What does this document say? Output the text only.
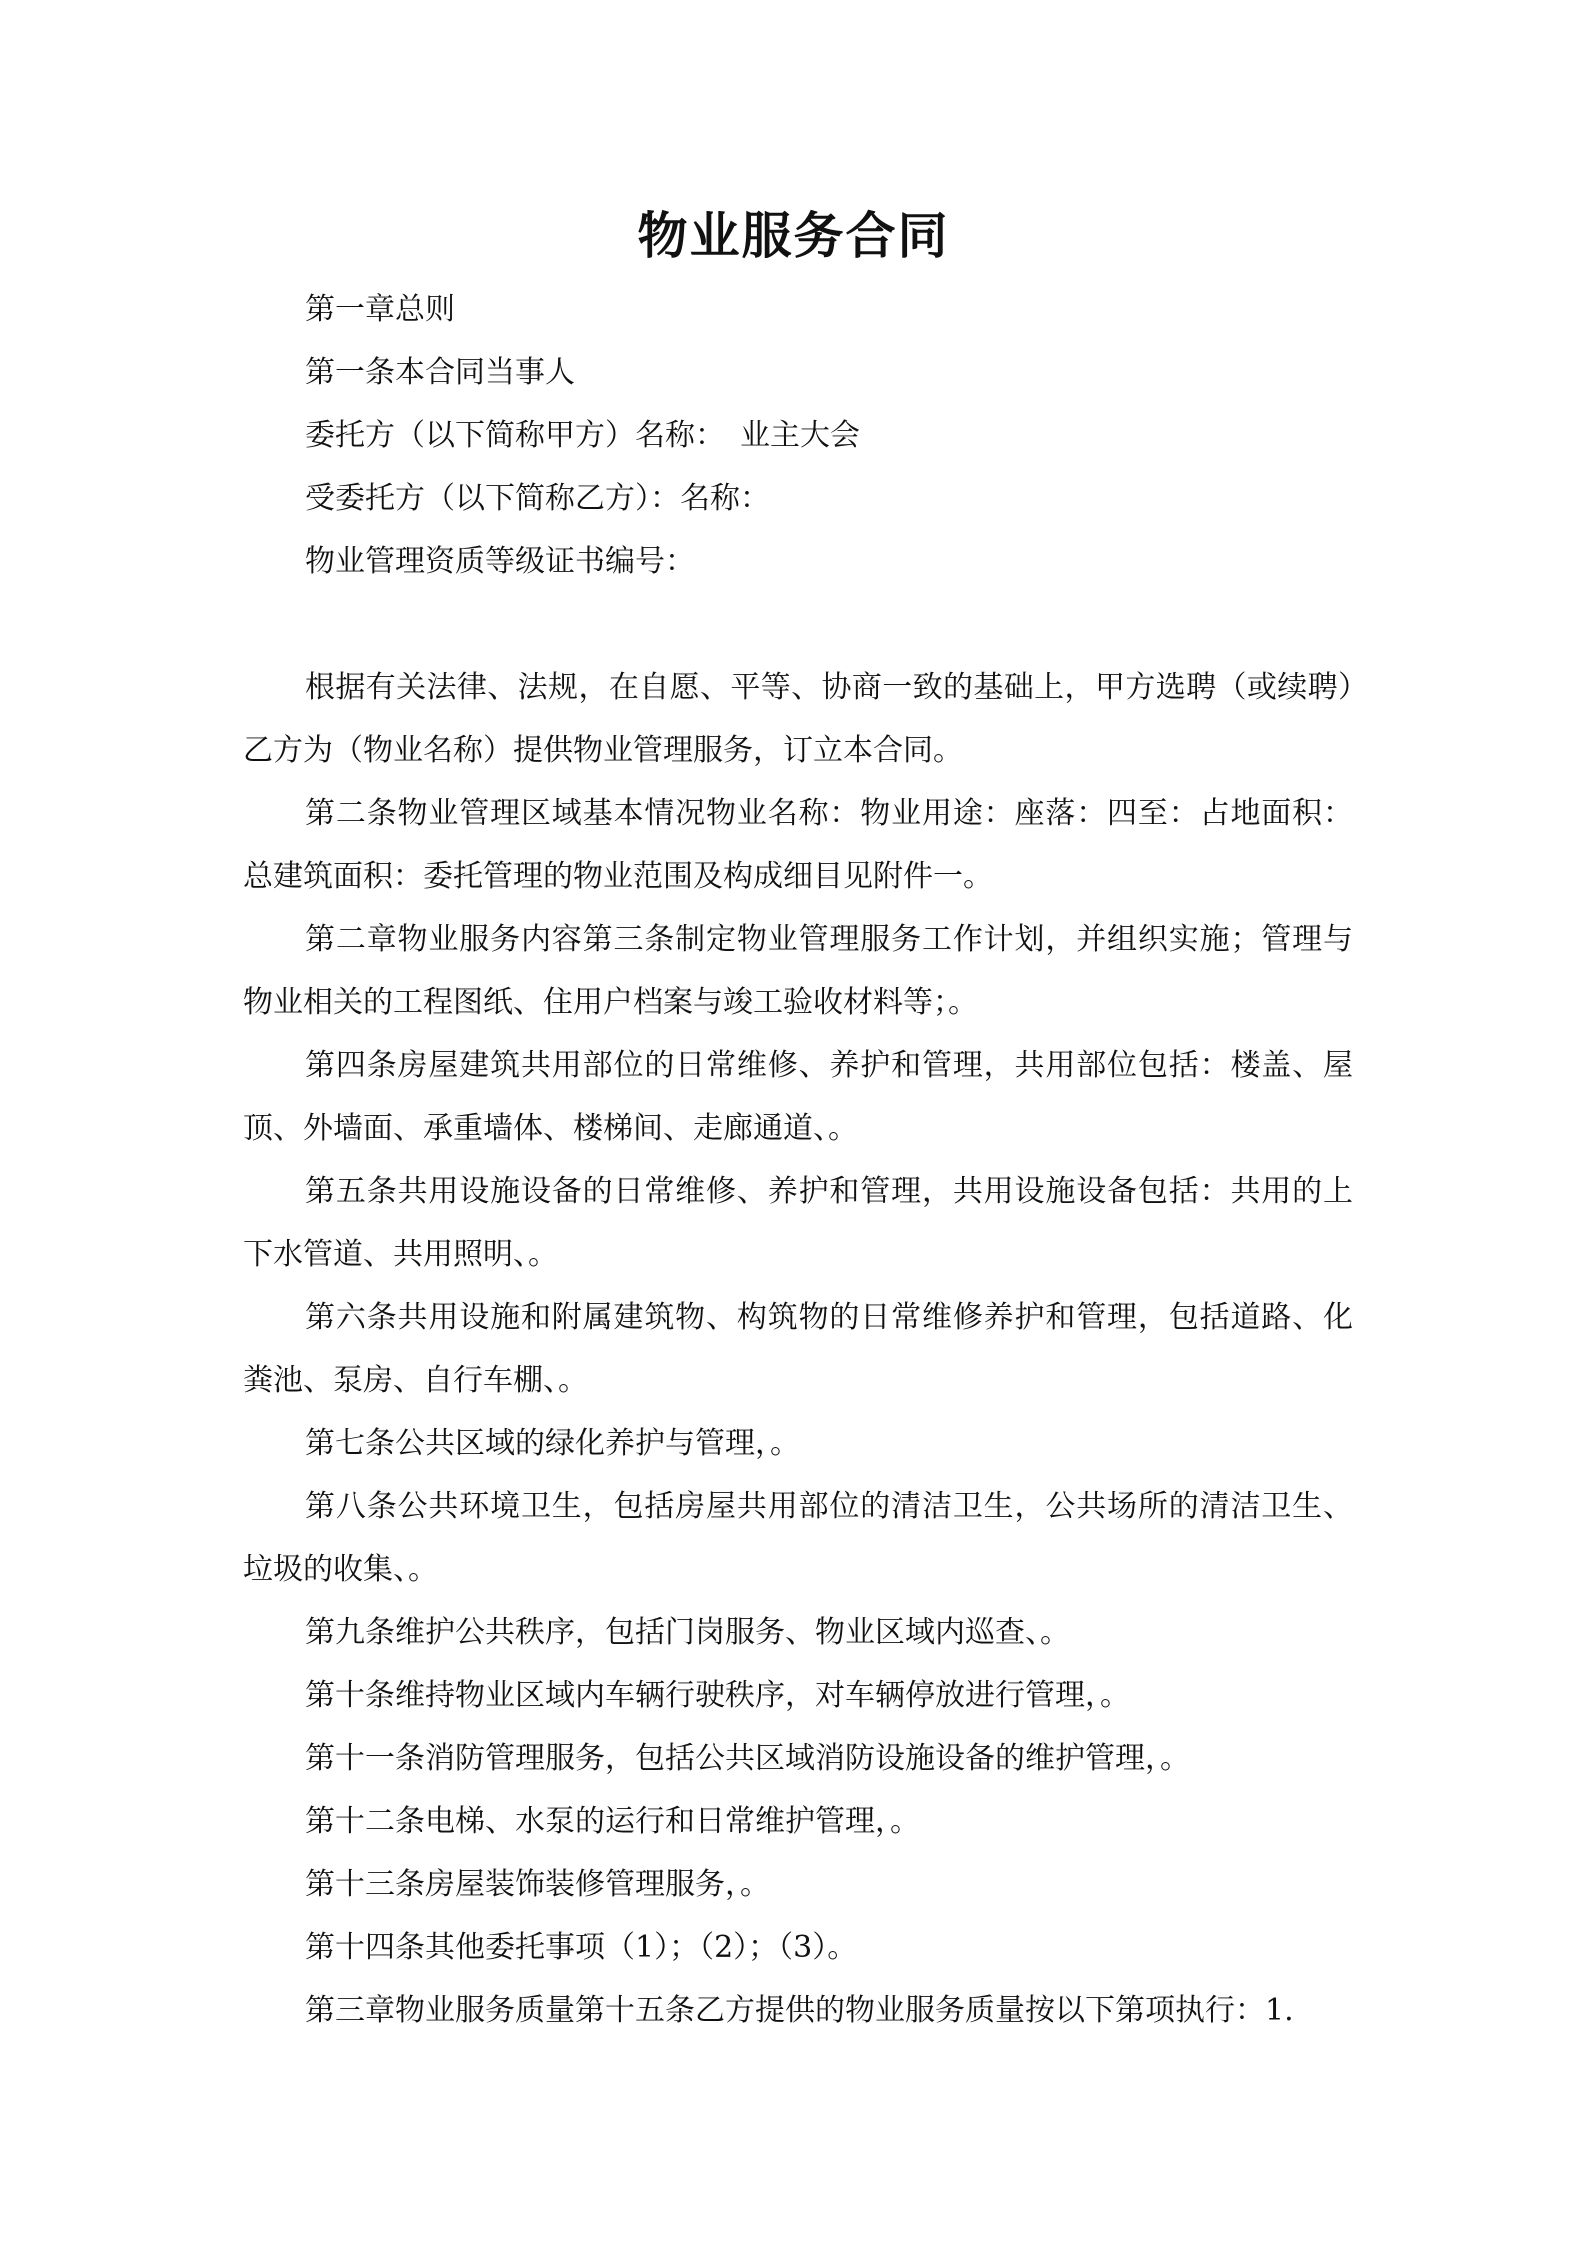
物业服务合同

第一章总则

第一条本合同当事人

委托方（以下简称甲方）名称：　业主大会

受委托方（以下简称乙方）：名称：

物业管理资质等级证书编号：

根据有关法律、法规，在自愿、平等、协商一致的基础上，甲方选聘（或续聘）乙方为（物业名称）提供物业管理服务，订立本合同。

第二条物业管理区域基本情况物业名称：物业用途：座落：四至：占地面积：总建筑面积：委托管理的物业范围及构成细目见附件一。

第二章物业服务内容第三条制定物业管理服务工作计划，并组织实施；管理与物业相关的工程图纸、住用户档案与竣工验收材料等；。

第四条房屋建筑共用部位的日常维修、养护和管理，共用部位包括：楼盖、屋顶、外墙面、承重墙体、楼梯间、走廊通道、。

第五条共用设施设备的日常维修、养护和管理，共用设施设备包括：共用的上下水管道、共用照明、。

第六条共用设施和附属建筑物、构筑物的日常维修养护和管理，包括道路、化粪池、泵房、自行车棚、。

第七条公共区域的绿化养护与管理，。

第八条公共环境卫生，包括房屋共用部位的清洁卫生，公共场所的清洁卫生、垃圾的收集、。

第九条维护公共秩序，包括门岗服务、物业区域内巡查、。

第十条维持物业区域内车辆行驶秩序，对车辆停放进行管理，。

第十一条消防管理服务，包括公共区域消防设施设备的维护管理，。

第十二条电梯、水泵的运行和日常维护管理，。

第十三条房屋装饰装修管理服务，。

第十四条其他委托事项（1）；（2）；（3）。

第三章物业服务质量第十五条乙方提供的物业服务质量按以下第项执行：1.
